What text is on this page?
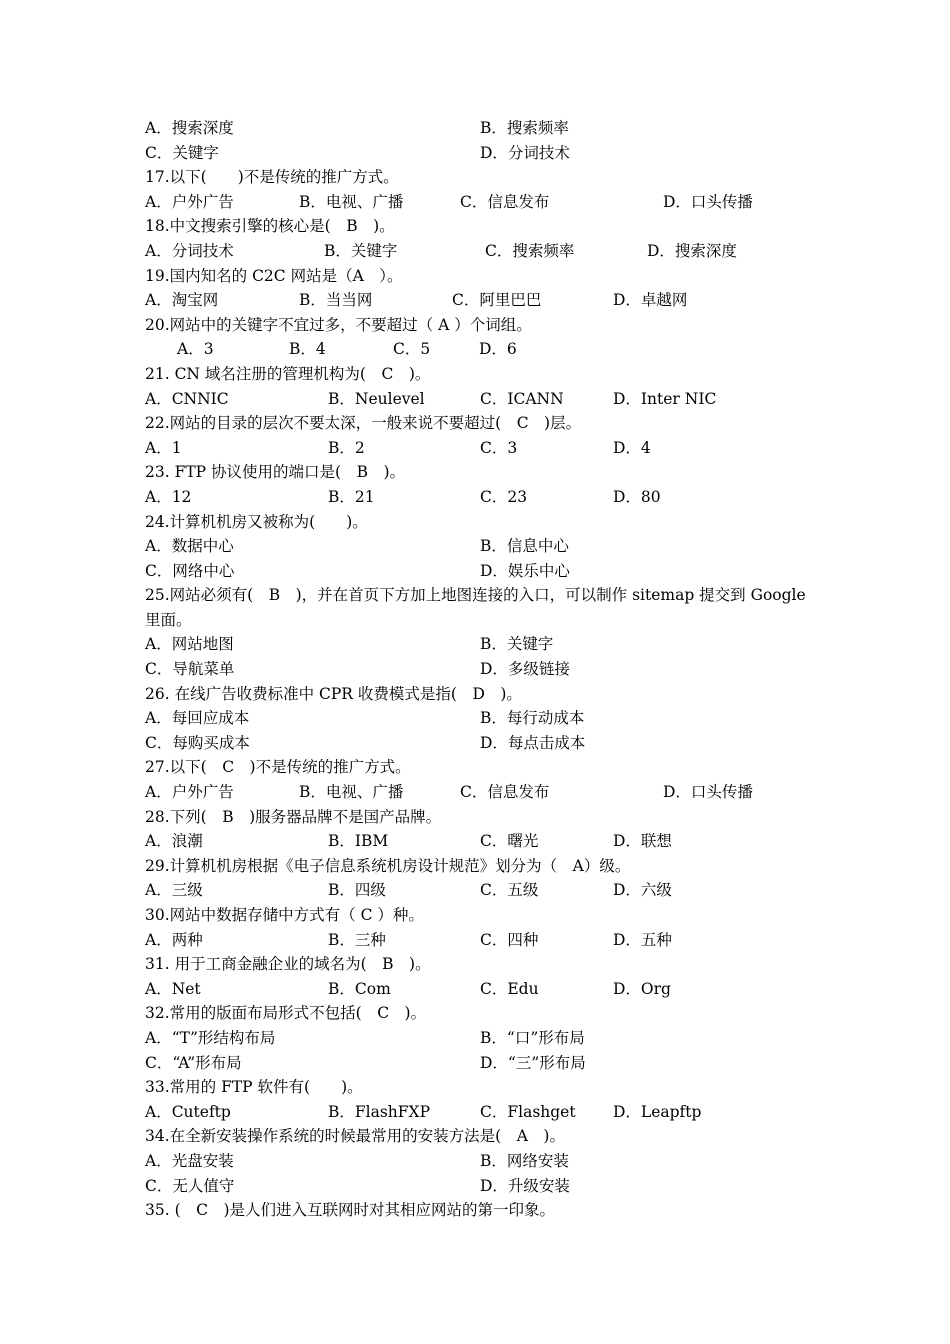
A．搜索深度	B．搜索频率
C．关键字	D．分词技术
17.以下(　　)不是传统的推广方式。
A．户外广告	B．电视、广播	C．信息发布	D．口头传播
18.中文搜索引擎的核心是(　B　)。
A．分词技术	B．关键字	C．搜索频率	D．搜索深度
19.国内知名的 C2C 网站是（A　）。
A．淘宝网	B．当当网	C．阿里巴巴	D．卓越网
20.网站中的关键字不宜过多，不要超过（ A ）个词组。
A．3	B．4	C．5	D．6
21. CN 域名注册的管理机构为(　C　)。
A．CNNIC	B．Neulevel	C．ICANN	D．Inter NIC
22.网站的目录的层次不要太深，一般来说不要超过(　C　)层。
A．1	B．2	C．3	D．4
23. FTP 协议使用的端口是(　B　)。
A．12	B．21	C．23	D．80
24.计算机机房又被称为(　　)。
A．数据中心	B．信息中心
C．网络中心	D．娱乐中心
25.网站必须有(　B　)，并在首页下方加上地图连接的入口，可以制作 sitemap 提交到 Google 里面。
A．网站地图	B．关键字
C．导航菜单	D．多级链接
26. 在线广告收费标准中 CPR 收费模式是指(　D　)。
A．每回应成本	B．每行动成本
C．每购买成本	D．每点击成本
27.以下(　C　)不是传统的推广方式。
A．户外广告	B．电视、广播	C．信息发布	D．口头传播
28.下列(　B　)服务器品牌不是国产品牌。
A．浪潮	B．IBM	C．曙光	D．联想
29.计算机机房根据《电子信息系统机房设计规范》划分为（　A）级。
A．三级	B．四级	C．五级	D．六级
30.网站中数据存储中方式有（ C ）种。
A．两种	B．三种	C．四种	D．五种
31. 用于工商金融企业的域名为(　B　)。
A．Net	B．Com	C．Edu	D．Org
32.常用的版面布局形式不包括(　C　)。
A．“T”形结构布局	B．“口”形布局
C．“A”形布局	D．“三”形布局
33.常用的 FTP 软件有(　　)。
A．Cuteftp	B．FlashFXP	C．Flashget D．Leapftp
34.在全新安装操作系统的时候最常用的安装方法是(　A　)。
A．光盘安装	B．网络安装
C．无人值守	D．升级安装
35. (　C　)是人们进入互联网时对其相应网站的第一印象。
